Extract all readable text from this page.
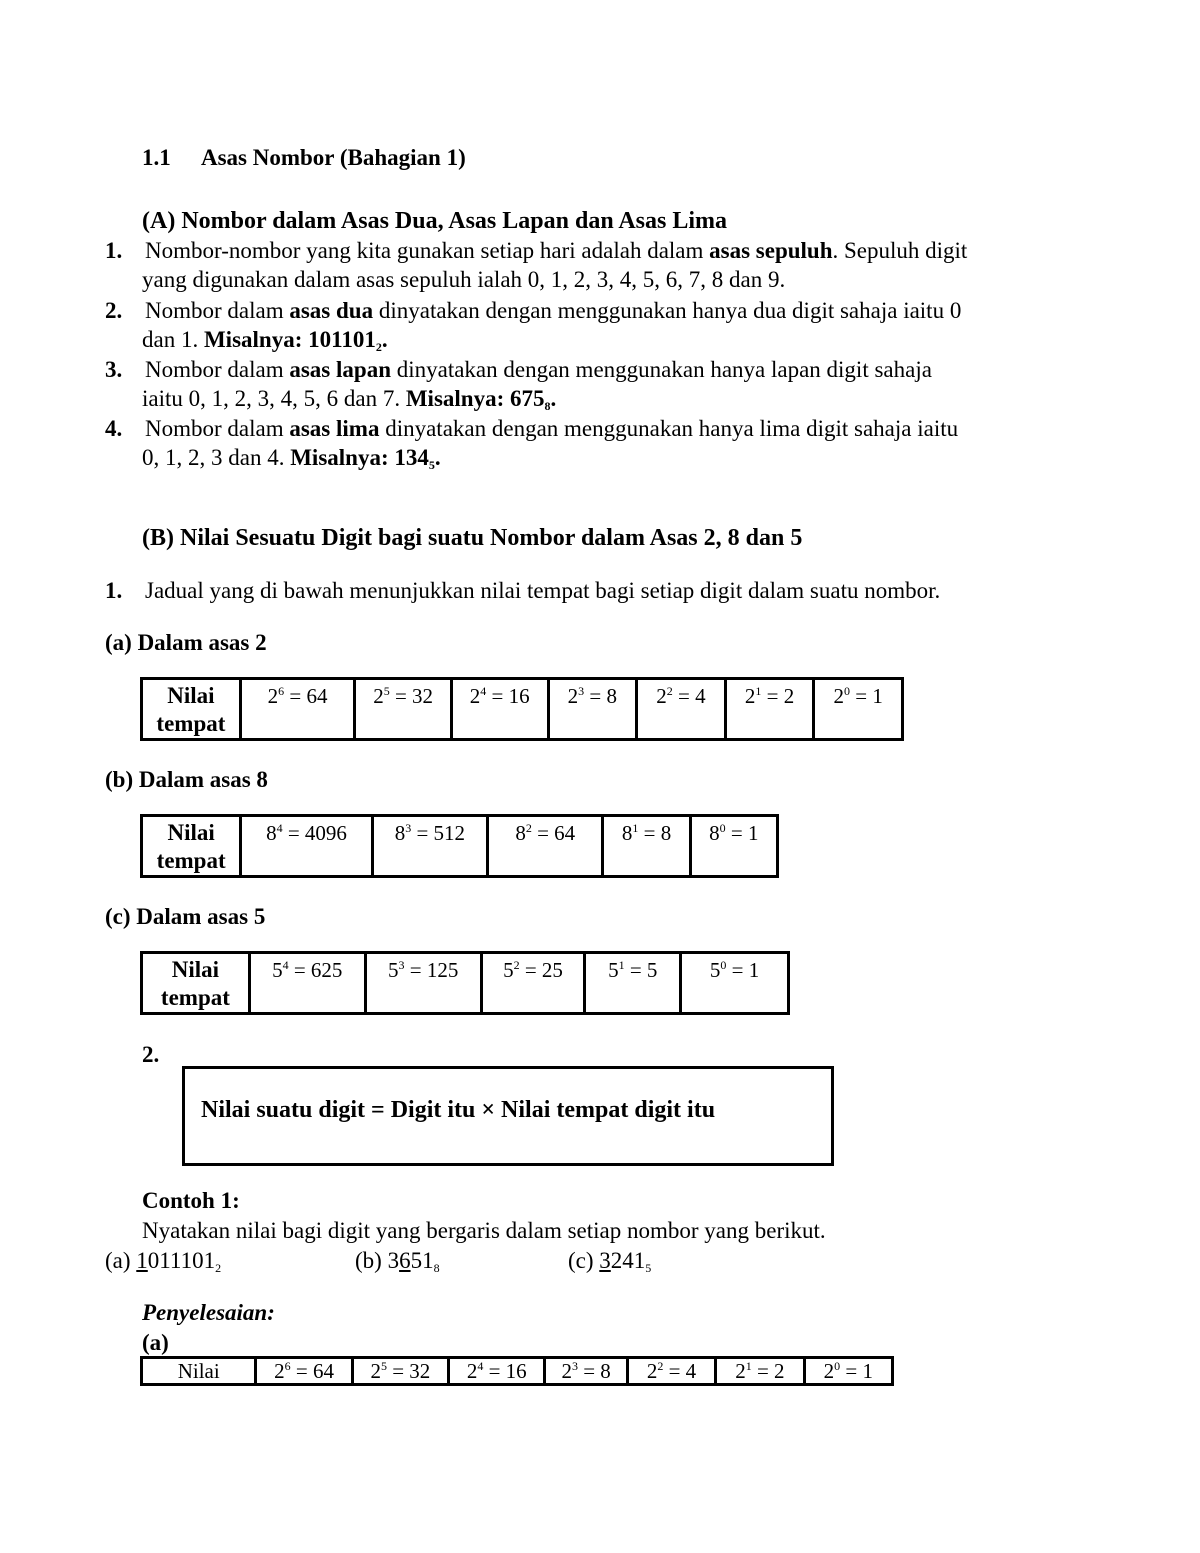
1.1 Asas Nombor (Bahagian 1)
(A) Nombor dalam Asas Dua, Asas Lapan dan Asas Lima
1. Nombor-nombor yang kita gunakan setiap hari adalah dalam asas sepuluh. Sepuluh digit
yang digunakan dalam asas sepuluh ialah 0, 1, 2, 3, 4, 5, 6, 7, 8 dan 9.
2. Nombor dalam asas dua dinyatakan dengan menggunakan hanya dua digit sahaja iaitu 0
dan 1. Misalnya: $101101_2$.
3. Nombor dalam asas lapan dinyatakan dengan menggunakan hanya lapan digit sahaja
iaitu 0, 1, 2, 3, 4, 5, 6 dan 7. Misalnya: $675_8$.
4. Nombor dalam asas lima dinyatakan dengan menggunakan hanya lima digit sahaja iaitu
0, 1, 2, 3 dan 4. Misalnya: $134_5$.
(B) Nilai Sesuatu Digit bagi suatu Nombor dalam Asas 2, 8 dan 5
1. Jadual yang di bawah menunjukkan nilai tempat bagi setiap digit dalam suatu nombor.
(a) Dalam asas 2
Nilai
tempat
	$2^6 = 64$	$2^5 = 32$	$2^4 = 16$	$2^3 = 8$	$2^2 = 4$	$2^1 = 2$	$2^0 = 1$
(b) Dalam asas 8
Nilai
tempat
	$8^4 = 4096$	$8^3 = 512$	$8^2 = 64$	$8^1 = 8$	$8^0 = 1$
(c) Dalam asas 5
Nilai
tempat
	$5^4 = 625$	$5^3 = 125$	$5^2 = 25$	$5^1 = 5$	$5^0 = 1$
2.
Nilai suatu digit = Digit itu × Nilai tempat digit itu
Contoh 1:
Nyatakan nilai bagi digit yang bergaris dalam setiap nombor yang berikut.
(a) $1011101_2$	(b) $3651_8$	(c) $3241_5$
Penyelesaian:
(a)
Nilai	$2^6 = 64$	$2^5 = 32$	$2^4 = 16$	$2^3 = 8$	$2^2 = 4$	$2^1 = 2$	$2^0 = 1$
